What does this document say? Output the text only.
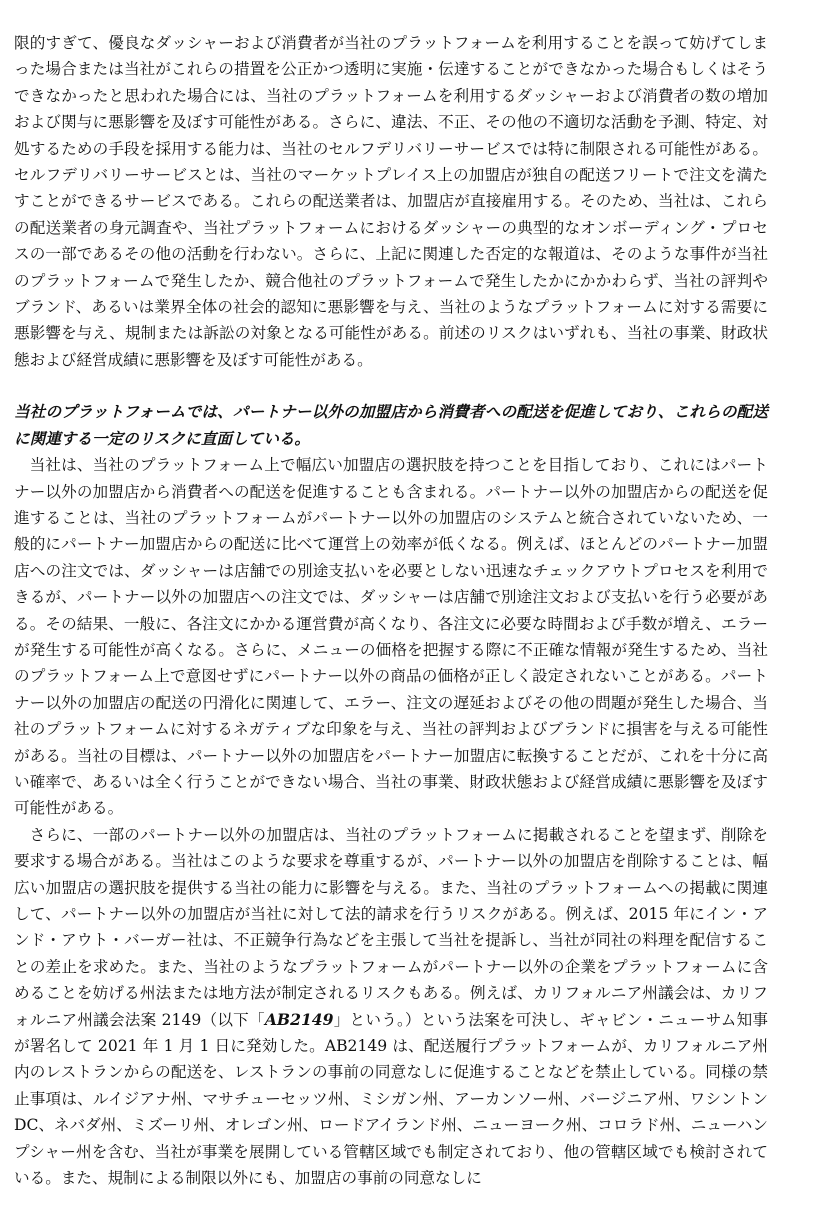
限的すぎて、優良なダッシャーおよび消費者が当社のプラットフォームを利用することを誤って妨げてしまった場合または当社がこれらの措置を公正かつ透明に実施・伝達することができなかった場合もしくはそうできなかったと思われた場合には、当社のプラットフォームを利用するダッシャーおよび消費者の数の増加および関与に悪影響を及ぼす可能性がある。さらに、違法、不正、その他の不適切な活動を予測、特定、対処するための手段を採用する能力は、当社のセルフデリバリーサービスでは特に制限される可能性がある。セルフデリバリーサービスとは、当社のマーケットプレイス上の加盟店が独自の配送フリートで注文を満たすことができるサービスである。これらの配送業者は、加盟店が直接雇用する。そのため、当社は、これらの配送業者の身元調査や、当社プラットフォームにおけるダッシャーの典型的なオンボーディング・プロセスの一部であるその他の活動を行わない。さらに、上記に関連した否定的な報道は、そのような事件が当社のプラットフォームで発生したか、競合他社のプラットフォームで発生したかにかかわらず、当社の評判やブランド、あるいは業界全体の社会的認知に悪影響を与え、当社のようなプラットフォームに対する需要に悪影響を与え、規制または訴訟の対象となる可能性がある。前述のリスクはいずれも、当社の事業、財政状態および経営成績に悪影響を及ぼす可能性がある。

当社のプラットフォームでは、パートナー以外の加盟店から消費者への配送を促進しており、これらの配送に関連する一定のリスクに直面している。

当社は、当社のプラットフォーム上で幅広い加盟店の選択肢を持つことを目指しており、これにはパートナー以外の加盟店から消費者への配送を促進することも含まれる。パートナー以外の加盟店からの配送を促進することは、当社のプラットフォームがパートナー以外の加盟店のシステムと統合されていないため、一般的にパートナー加盟店からの配送に比べて運営上の効率が低くなる。例えば、ほとんどのパートナー加盟店への注文では、ダッシャーは店舗での別途支払いを必要としない迅速なチェックアウトプロセスを利用できるが、パートナー以外の加盟店への注文では、ダッシャーは店舗で別途注文および支払いを行う必要がある。その結果、一般に、各注文にかかる運営費が高くなり、各注文に必要な時間および手数が増え、エラーが発生する可能性が高くなる。さらに、メニューの価格を把握する際に不正確な情報が発生するため、当社のプラットフォーム上で意図せずにパートナー以外の商品の価格が正しく設定されないことがある。パートナー以外の加盟店の配送の円滑化に関連して、エラー、注文の遅延およびその他の問題が発生した場合、当社のプラットフォームに対するネガティブな印象を与え、当社の評判およびブランドに損害を与える可能性がある。当社の目標は、パートナー以外の加盟店をパートナー加盟店に転換することだが、これを十分に高い確率で、あるいは全く行うことができない場合、当社の事業、財政状態および経営成績に悪影響を及ぼす可能性がある。

さらに、一部のパートナー以外の加盟店は、当社のプラットフォームに掲載されることを望まず、削除を要求する場合がある。当社はこのような要求を尊重するが、パートナー以外の加盟店を削除することは、幅広い加盟店の選択肢を提供する当社の能力に影響を与える。また、当社のプラットフォームへの掲載に関連して、パートナー以外の加盟店が当社に対して法的請求を行うリスクがある。例えば、2015 年にイン・アンド・アウト・バーガー社は、不正競争行為などを主張して当社を提訴し、当社が同社の料理を配信することの差止を求めた。また、当社のようなプラットフォームがパートナー以外の企業をプラットフォームに含めることを妨げる州法または地方法が制定されるリスクもある。例えば、カリフォルニア州議会は、カリフォルニア州議会法案 2149（以下「AB2149」という。）という法案を可決し、ギャビン・ニューサム知事が署名して 2021 年 1 月 1 日に発効した。AB2149 は、配送履行プラットフォームが、カリフォルニア州内のレストランからの配送を、レストランの事前の同意なしに促進することなどを禁止している。同様の禁止事項は、ルイジアナ州、マサチューセッツ州、ミシガン州、アーカンソー州、バージニア州、ワシントン DC、ネバダ州、ミズーリ州、オレゴン州、ロードアイランド州、ニューヨーク州、コロラド州、ニューハンプシャー州を含む、当社が事業を展開している管轄区域でも制定されており、他の管轄区域でも検討されている。また、規制による制限以外にも、加盟店の事前の同意なしに
